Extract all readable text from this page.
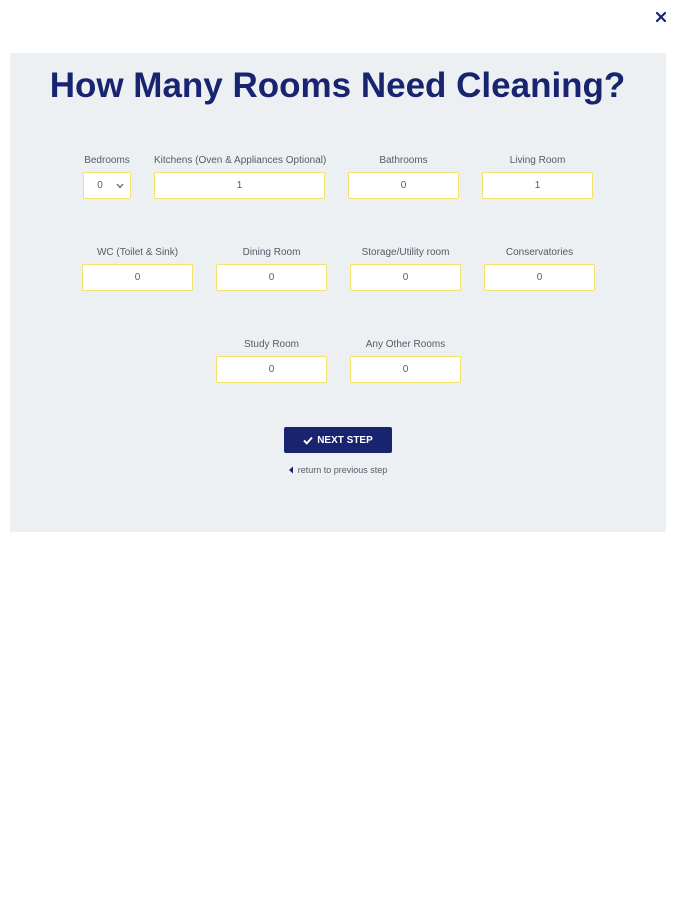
How Many Rooms Need Cleaning?
Bedrooms
0
Kitchens (Oven & Appliances Optional)
1
Bathrooms
0
Living Room
1
WC (Toilet & Sink)
0
Dining Room
0
Storage/Utility room
0
Conservatories
0
Study Room
0
Any Other Rooms
0
NEXT STEP
return to previous step
